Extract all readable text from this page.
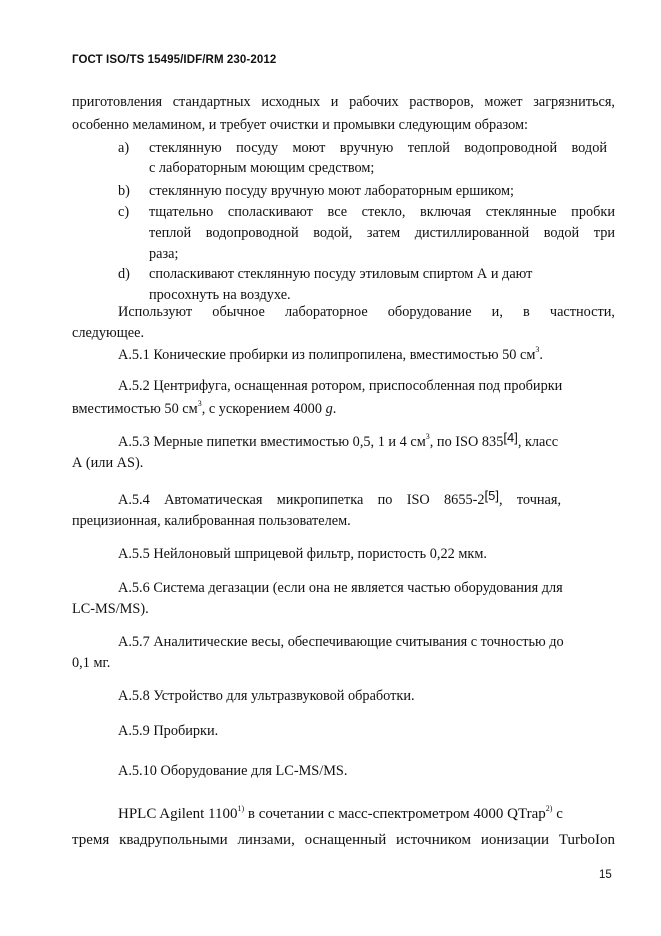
ГОСТ ISO/TS 15495/IDF/RM 230-2012
приготовления стандартных исходных и рабочих растворов, может загрязниться,
особенно меламином, и требует очистки и промывки следующим образом:
a) стеклянную посуду моют вручную теплой водопроводной водой
с лабораторным моющим средством;
b) стеклянную посуду вручную моют лабораторным ершиком;
c) тщательно споласкивают все стекло, включая стеклянные пробки
теплой водопроводной водой, затем дистиллированной водой три
раза;
d) споласкивают стеклянную посуду этиловым спиртом А и дают
просохнуть на воздухе.
Используют обычное лабораторное оборудование и, в частности,
следующее.
А.5.1 Конические пробирки из полипропилена, вместимостью 50 $см^3$.
А.5.2 Центрифуга, оснащенная ротором, приспособленная под пробирки
вместимостью 50 $см^3$, с ускорением 4000 g.
А.5.3 Мерные пипетки вместимостью 0,5, 1 и 4 $см^3$, по ISO 835[4], класс
А (или AS).
А.5.4    Автоматическая    микропипетка    по    ISO    8655-2[5],    точная,
прецизионная, калиброванная пользователем.
А.5.5 Нейлоновый шприцевой фильтр, пористость 0,22 мкм.
А.5.6 Система дегазации (если она не является частью оборудования для
LC-MS/MS).
А.5.7 Аналитические весы, обеспечивающие считывания с точностью до
0,1 мг.
А.5.8 Устройство для ультразвуковой обработки.
А.5.9 Пробирки.
А.5.10 Оборудование для LC-MS/MS.
HPLC Agilent 1100$^{1)}$ в сочетании с масс-спектрометром 4000 QTrap$^{2)}$ с
тремя квадрупольными линзами, оснащенный источником ионизации TurboIon
15
